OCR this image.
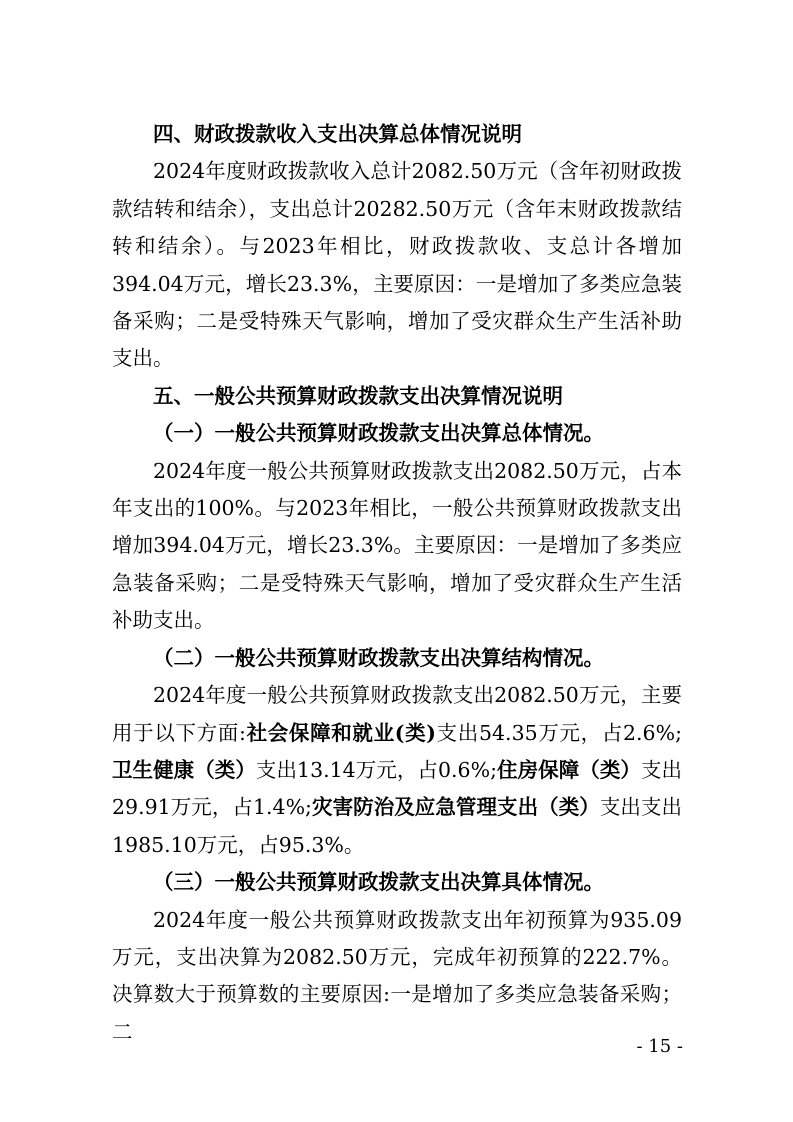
四、财政拨款收入支出决算总体情况说明

2024年度财政拨款收入总计2082.50万元（含年初财政拨款结转和结余），支出总计20282.50万元（含年末财政拨款结转和结余）。与2023年相比，财政拨款收、支总计各增加394.04万元，增长23.3%，主要原因：一是增加了多类应急装备采购；二是受特殊天气影响，增加了受灾群众生产生活补助支出。

五、一般公共预算财政拨款支出决算情况说明

（一）一般公共预算财政拨款支出决算总体情况。

2024年度一般公共预算财政拨款支出2082.50万元，占本年支出的100%。与2023年相比，一般公共预算财政拨款支出增加394.04万元，增长23.3%。主要原因：一是增加了多类应急装备采购；二是受特殊天气影响，增加了受灾群众生产生活补助支出。

（二）一般公共预算财政拨款支出决算结构情况。

2024年度一般公共预算财政拨款支出2082.50万元，主要用于以下方面:社会保障和就业(类)支出54.35万元，占2.6%;卫生健康（类）支出13.14万元，占0.6%;住房保障（类）支出29.91万元，占1.4%;灾害防治及应急管理支出（类）支出支出1985.10万元，占95.3%。

（三）一般公共预算财政拨款支出决算具体情况。

2024年度一般公共预算财政拨款支出年初预算为935.09万元，支出决算为2082.50万元，完成年初预算的222.7%。决算数大于预算数的主要原因:一是增加了多类应急装备采购；二

- 15 -
